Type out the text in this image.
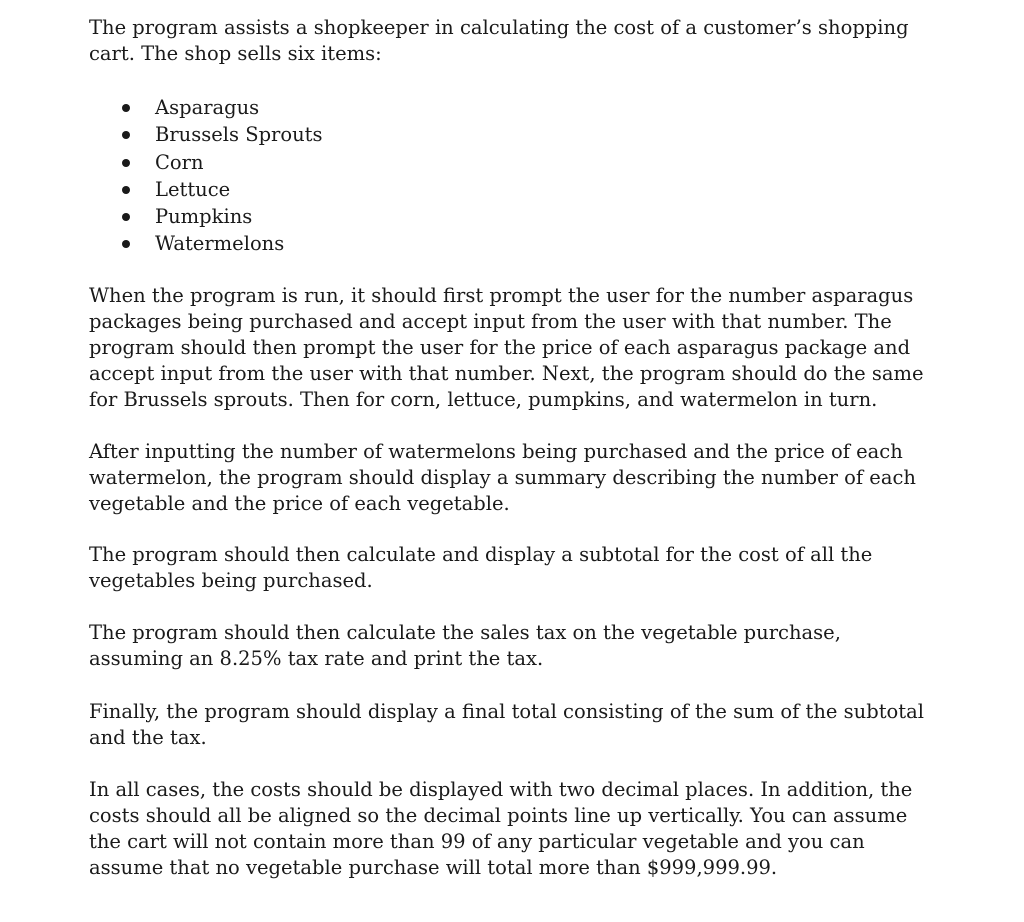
The program assists a shopkeeper in calculating the cost of a customer’s shopping
cart. The shop sells six items:

Asparagus
Brussels Sprouts
Corn
Lettuce
Pumpkins
Watermelons

When the program is run, it should first prompt the user for the number asparagus
packages being purchased and accept input from the user with that number. The
program should then prompt the user for the price of each asparagus package and
accept input from the user with that number. Next, the program should do the same
for Brussels sprouts. Then for corn, lettuce, pumpkins, and watermelon in turn.

After inputting the number of watermelons being purchased and the price of each
watermelon, the program should display a summary describing the number of each
vegetable and the price of each vegetable.

The program should then calculate and display a subtotal for the cost of all the
vegetables being purchased.

The program should then calculate the sales tax on the vegetable purchase,
assuming an 8.25% tax rate and print the tax.

Finally, the program should display a final total consisting of the sum of the subtotal
and the tax.

In all cases, the costs should be displayed with two decimal places. In addition, the
costs should all be aligned so the decimal points line up vertically. You can assume
the cart will not contain more than 99 of any particular vegetable and you can
assume that no vegetable purchase will total more than $999,999.99.
